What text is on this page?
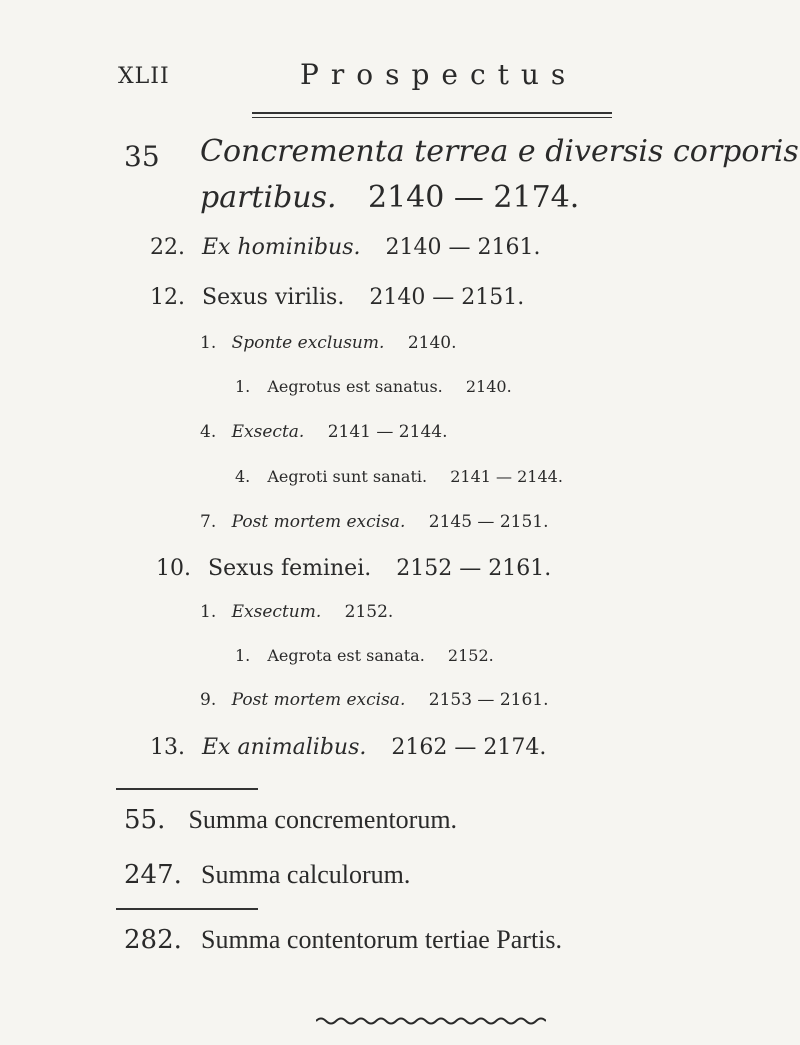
XLII	Prospectus
35 Concrementa terrea e diversis corporis
partibus. 2140 — 2174.
22. Ex hominibus. 2140 — 2161.
12. Sexus virilis. 2140 — 2151.
1. Sponte exclusum. 2140.
1. Aegrotus est sanatus. 2140.
4. Exsecta. 2141 — 2144.
4. Aegroti sunt sanati. 2141 — 2144.
7. Post mortem excisa. 2145 — 2151.
10. Sexus feminei. 2152 — 2161.
1. Exsectum. 2152.
1. Aegrota est sanata. 2152.
9. Post mortem excisa. 2153 — 2161.
13. Ex animalibus. 2162 — 2174.
55. Summa concrementorum.
247. Summa calculorum.
282. Summa contentorum tertiae Partis.
